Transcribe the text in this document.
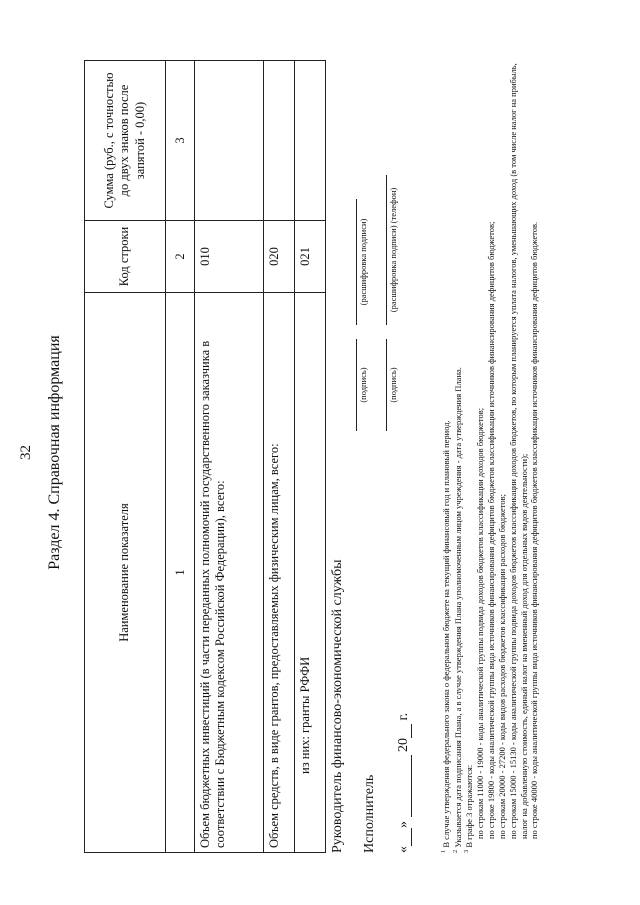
32 Раздел 4. Справочная информация
Наименование показателя	Код строки	Сумма (руб., с точностью до двух знаков после запятой - 0,00)
1	2	3
Объем бюджетных инвестиций (в части переданных полномочий государственного заказчика в соответствии с Бюджетным кодексом Российской Федерации), всего:	010	
Объем средств, в виде грантов, предоставляемых физическим лицам, всего:	020	
из них: гранты РФФИ	021	
Руководитель финансово-экономической службы
(подпись)
(расшифровка подписи)
Исполнитель
(подпись)
(расшифровка подписи) (телефон)
«»  20 г.

$^1$ В случае утверждения федерального закона о федеральном бюджете на текущий финансовый год и плановый период.

$^2$ Указывается дата подписания Плана, а в случае утверждения Плана уполномоченным лицом учреждения - дата утверждения Плана.

$^3$ В графе 3 отражаются: по строкам 11000 - 19000 - коды аналитической группы подвида доходов бюджетов классификации доходов бюджетов; по строке 19800 - коды аналитической группы вида источников финансирования дефицитов бюджетов классификации источников финансирования дефицитов бюджетов; по строкам 20000 - 27200 - коды видов расходов бюджетов классификации расходов бюджетов; по строкам 15000 - 15130 - коды аналитической группы подвида доходов бюджетов классификации доходов бюджетов, по которым планируется уплата налогов, уменьшающих доход (в том числе налог на прибыль, налог на добавленную стоимость, единый налог на вмененный доход для отдельных видов деятельности); по строке 40000 - коды аналитической группы вида источников финансирования дефицитов бюджетов классификации источников финансирования дефицитов бюджетов.
